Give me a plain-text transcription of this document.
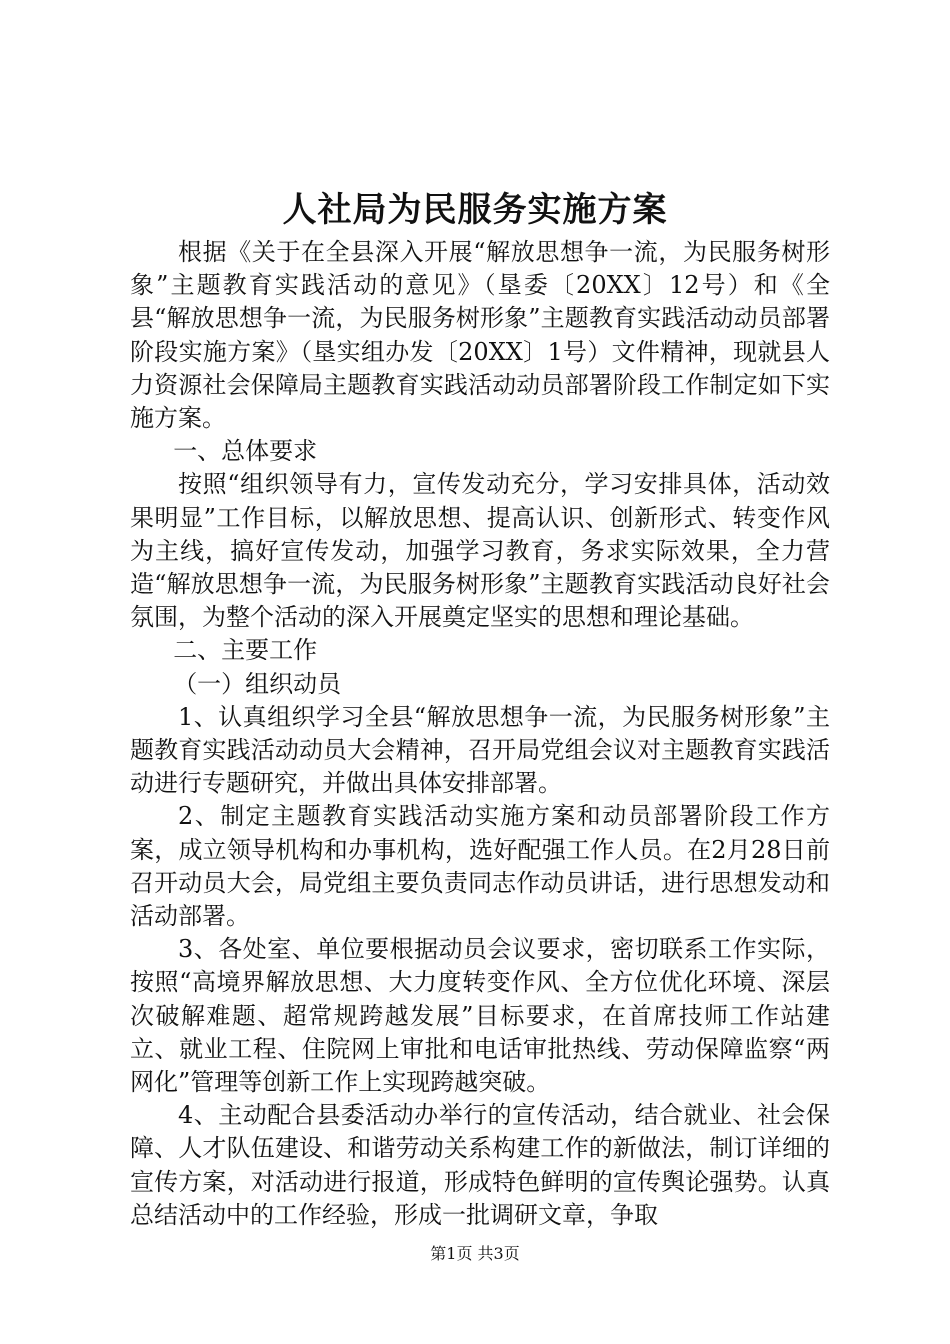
人社局为民服务实施方案

根据《关于在全县深入开展“解放思想争一流，为民服务树形象”主题教育实践活动的意见》（垦委〔20XX〕12号）和《全县“解放思想争一流，为民服务树形象”主题教育实践活动动员部署阶段实施方案》（垦实组办发〔20XX〕1号）文件精神，现就县人力资源社会保障局主题教育实践活动动员部署阶段工作制定如下实施方案。

一、总体要求

按照“组织领导有力，宣传发动充分，学习安排具体，活动效果明显”工作目标，以解放思想、提高认识、创新形式、转变作风为主线，搞好宣传发动，加强学习教育，务求实际效果，全力营造“解放思想争一流，为民服务树形象”主题教育实践活动良好社会氛围，为整个活动的深入开展奠定坚实的思想和理论基础。

二、主要工作

（一）组织动员

1、认真组织学习全县“解放思想争一流，为民服务树形象”主题教育实践活动动员大会精神，召开局党组会议对主题教育实践活动进行专题研究，并做出具体安排部署。

2、制定主题教育实践活动实施方案和动员部署阶段工作方案，成立领导机构和办事机构，选好配强工作人员。在2月28日前召开动员大会，局党组主要负责同志作动员讲话，进行思想发动和活动部署。

3、各处室、单位要根据动员会议要求，密切联系工作实际，按照“高境界解放思想、大力度转变作风、全方位优化环境、深层次破解难题、超常规跨越发展”目标要求，在首席技师工作站建立、就业工程、住院网上审批和电话审批热线、劳动保障监察“两网化”管理等创新工作上实现跨越突破。

4、主动配合县委活动办举行的宣传活动，结合就业、社会保障、人才队伍建设、和谐劳动关系构建工作的新做法，制订详细的宣传方案，对活动进行报道，形成特色鲜明的宣传舆论强势。认真总结活动中的工作经验，形成一批调研文章，争取

第1页 共3页
